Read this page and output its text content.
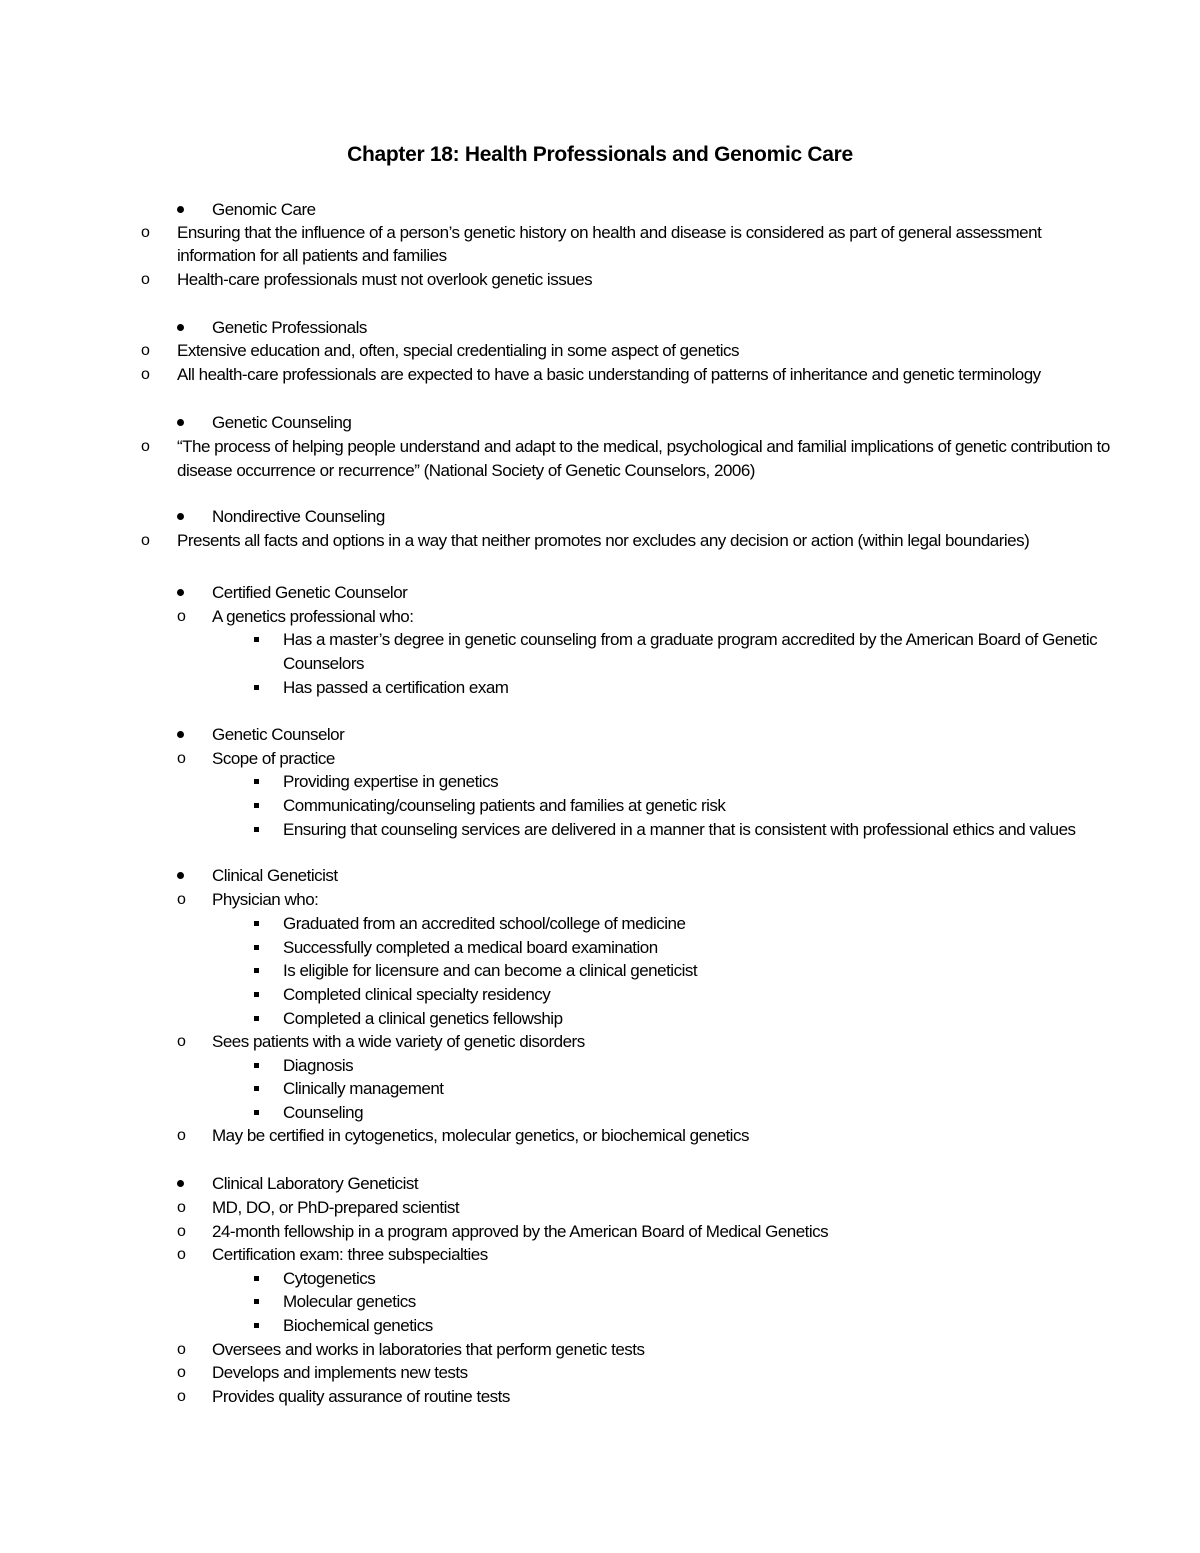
Chapter 18: Health Professionals and Genomic Care
Genomic Care
o Ensuring that the influence of a person’s genetic history on health and disease is considered as part of general assessment
information for all patients and families
o Health-care professionals must not overlook genetic issues
Genetic Professionals
o Extensive education and, often, special credentialing in some aspect of genetics
o All health-care professionals are expected to have a basic understanding of patterns of inheritance and genetic terminology
Genetic Counseling
o “The process of helping people understand and adapt to the medical, psychological and familial implications of genetic contribution to
disease occurrence or recurrence” (National Society of Genetic Counselors, 2006)
Nondirective Counseling
o Presents all facts and options in a way that neither promotes nor excludes any decision or action (within legal boundaries)
Certified Genetic Counselor
o A genetics professional who:
Has a master’s degree in genetic counseling from a graduate program accredited by the American Board of Genetic
Counselors
Has passed a certification exam
Genetic Counselor
o Scope of practice
Providing expertise in genetics
Communicating/counseling patients and families at genetic risk
Ensuring that counseling services are delivered in a manner that is consistent with professional ethics and values
Clinical Geneticist
o Physician who:
Graduated from an accredited school/college of medicine
Successfully completed a medical board examination
Is eligible for licensure and can become a clinical geneticist
Completed clinical specialty residency
Completed a clinical genetics fellowship
o Sees patients with a wide variety of genetic disorders
Diagnosis
Clinically management
Counseling
o May be certified in cytogenetics, molecular genetics, or biochemical genetics
Clinical Laboratory Geneticist
o MD, DO, or PhD-prepared scientist
o 24-month fellowship in a program approved by the American Board of Medical Genetics
o Certification exam: three subspecialties
Cytogenetics
Molecular genetics
Biochemical genetics
o Oversees and works in laboratories that perform genetic tests
o Develops and implements new tests
o Provides quality assurance of routine tests
